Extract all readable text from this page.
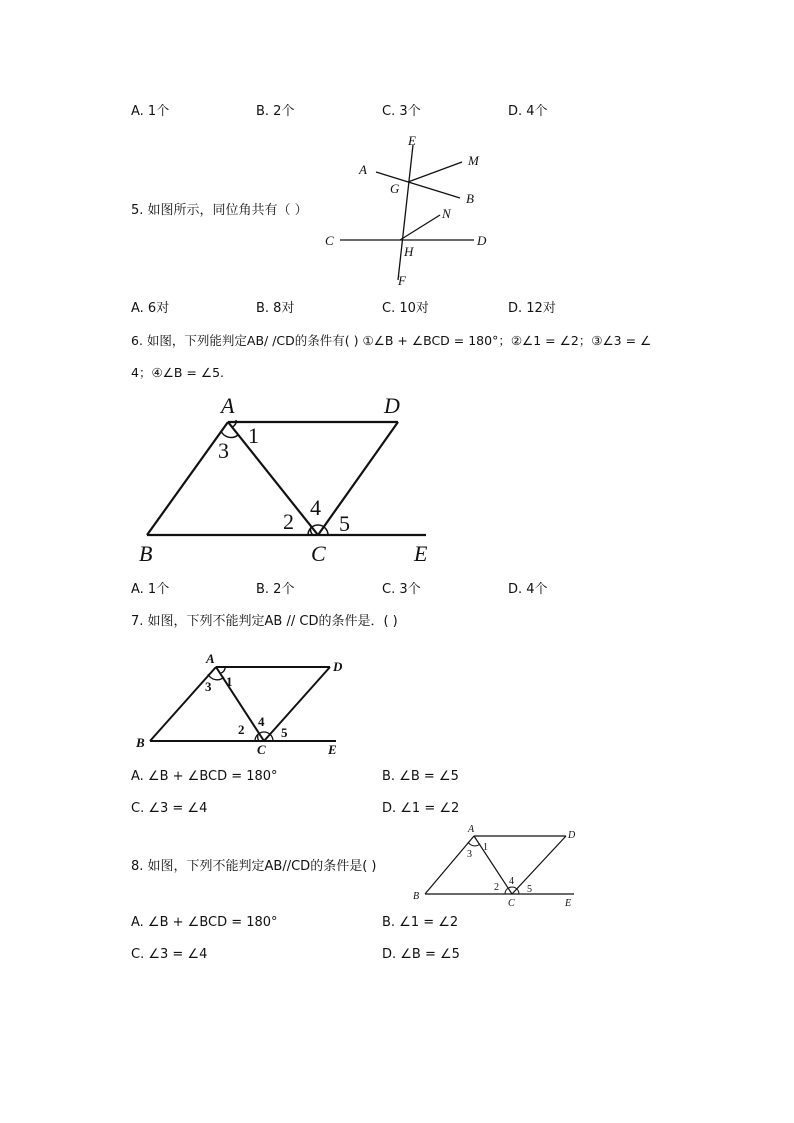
A. 1个	B. 2个	C. 3个	D. 4个
5. 如图所示，同位角共有（ ）
E
A
M
G
B
N
C
H
D
F
A. 6对	B. 8对	C. 10对	D. 12对
6. 如图，下列能判定AB/ /CD的条件有( ) ①∠B + ∠BCD = 180°；②∠1 = ∠2；③∠3 = ∠
4；④∠B = ∠5.
A	D
B	C	E
1
2
3
4
5
A. 1个	B. 2个	C. 3个	D. 4个
7. 如图，下列不能判定AB // CD的条件是．( )
A
D
B	C	E
1
2
3
4
5
A. ∠B + ∠BCD = 180°	B. ∠B = ∠5
C. ∠3 = ∠4	D. ∠1 = ∠2
8. 如图，下列不能判定AB//CD的条件是( )
A
D
B
C	E
1
2
3
4
5
A. ∠B + ∠BCD = 180°	B. ∠1 = ∠2
C. ∠3 = ∠4	D. ∠B = ∠5
